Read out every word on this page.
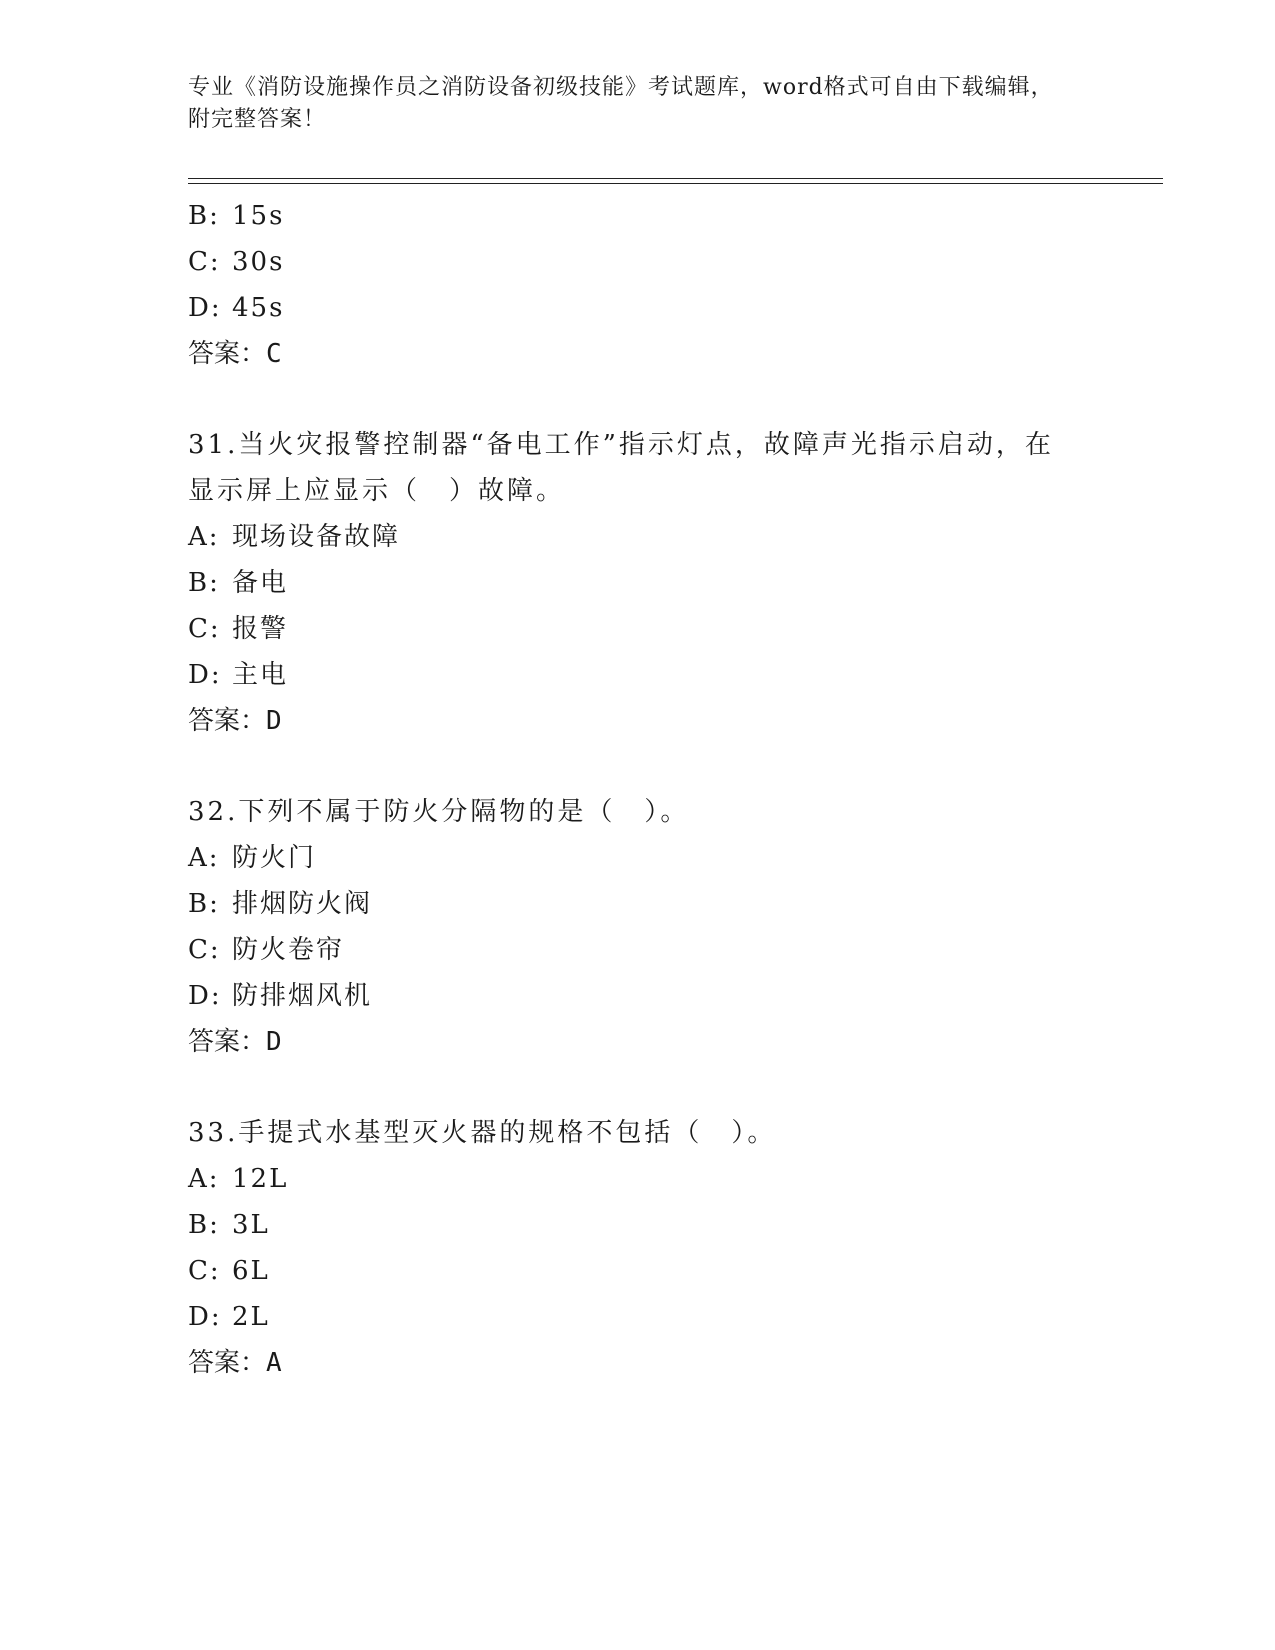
专业《消防设施操作员之消防设备初级技能》考试题库，word格式可自由下载编辑，附完整答案！
B: 15s
C: 30s
D: 45s
答案：C
31.当火灾报警控制器“备电工作”指示灯点，故障声光指示启动，在
显示屏上应显示（　）故障。
A: 现场设备故障
B: 备电
C: 报警
D: 主电
答案：D
32.下列不属于防火分隔物的是（　）。
A: 防火门
B: 排烟防火阀
C: 防火卷帘
D: 防排烟风机
答案：D
33.手提式水基型灭火器的规格不包括（　）。
A: 12L
B: 3L
C: 6L
D: 2L
答案：A
